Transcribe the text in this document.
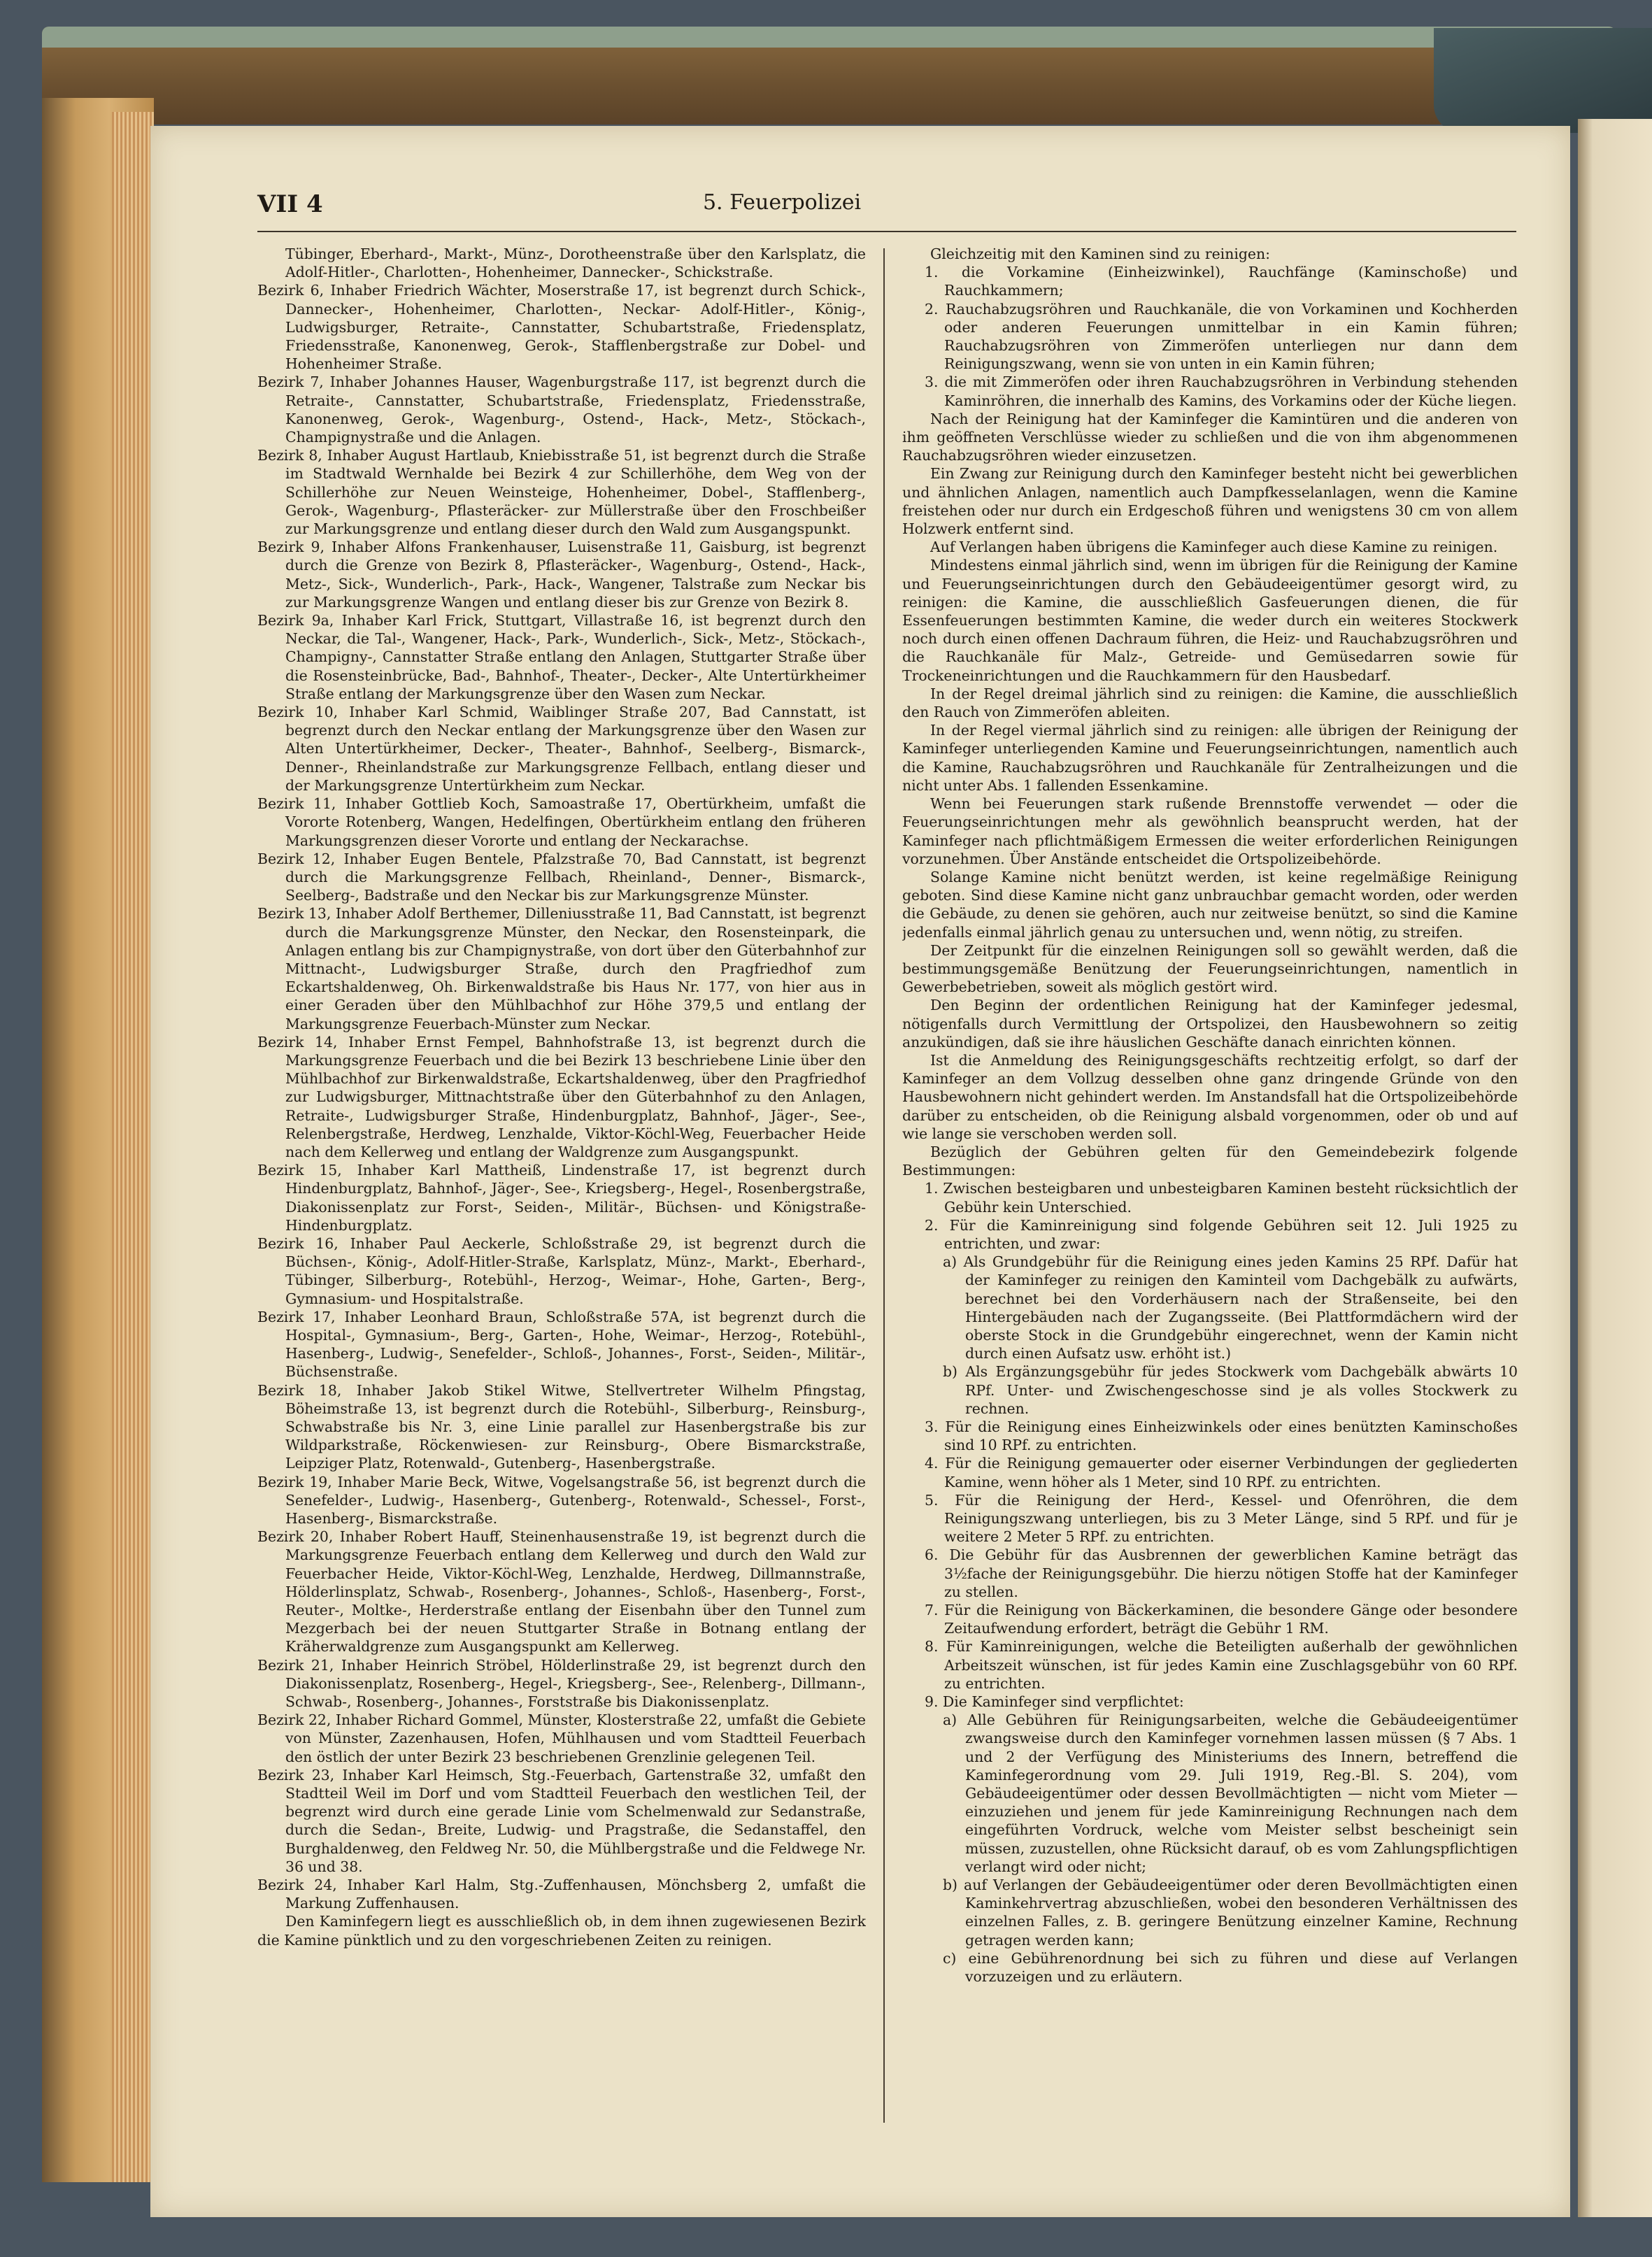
VII 4	5. Feuerpolizei

Tübinger, Eberhard-, Markt-, Münz-, Dorotheenstraße über den Karlsplatz, die Adolf-Hitler-, Charlotten-, Hohenheimer, Dannecker-, Schickstraße.

Bezirk 6, Inhaber Friedrich Wächter, Moserstraße 17, ist begrenzt durch Schick-, Dannecker-, Hohenheimer, Charlotten-, Neckar- Adolf-Hitler-, König-, Ludwigsburger, Retraite-, Cannstatter, Schubartstraße, Friedensplatz, Friedensstraße, Kanonenweg, Gerok-, Stafflenbergstraße zur Dobel- und Hohenheimer Straße.

Bezirk 7, Inhaber Johannes Hauser, Wagenburgstraße 117, ist begrenzt durch die Retraite-, Cannstatter, Schubartstraße, Friedensplatz, Friedensstraße, Kanonenweg, Gerok-, Wagenburg-, Ostend-, Hack-, Metz-, Stöckach-, Champignystraße und die Anlagen.

Bezirk 8, Inhaber August Hartlaub, Kniebisstraße 51, ist begrenzt durch die Straße im Stadtwald Wernhalde bei Bezirk 4 zur Schillerhöhe, dem Weg von der Schillerhöhe zur Neuen Weinsteige, Hohenheimer, Dobel-, Stafflenberg-, Gerok-, Wagenburg-, Pflasteräcker- zur Müllerstraße über den Froschbeißer zur Markungsgrenze und entlang dieser durch den Wald zum Ausgangspunkt.

Bezirk 9, Inhaber Alfons Frankenhauser, Luisenstraße 11, Gaisburg, ist begrenzt durch die Grenze von Bezirk 8, Pflasteräcker-, Wagenburg-, Ostend-, Hack-, Metz-, Sick-, Wunderlich-, Park-, Hack-, Wangener, Talstraße zum Neckar bis zur Markungsgrenze Wangen und entlang dieser bis zur Grenze von Bezirk 8.

Bezirk 9a, Inhaber Karl Frick, Stuttgart, Villastraße 16, ist begrenzt durch den Neckar, die Tal-, Wangener, Hack-, Park-, Wunderlich-, Sick-, Metz-, Stöckach-, Champigny-, Cannstatter Straße entlang den Anlagen, Stuttgarter Straße über die Rosensteinbrücke, Bad-, Bahnhof-, Theater-, Decker-, Alte Untertürkheimer Straße entlang der Markungsgrenze über den Wasen zum Neckar.

Bezirk 10, Inhaber Karl Schmid, Waiblinger Straße 207, Bad Cannstatt, ist begrenzt durch den Neckar entlang der Markungsgrenze über den Wasen zur Alten Untertürkheimer, Decker-, Theater-, Bahnhof-, Seelberg-, Bismarck-, Denner-, Rheinlandstraße zur Markungsgrenze Fellbach, entlang dieser und der Markungsgrenze Untertürkheim zum Neckar.

Bezirk 11, Inhaber Gottlieb Koch, Samoastraße 17, Obertürkheim, umfaßt die Vororte Rotenberg, Wangen, Hedelfingen, Obertürkheim entlang den früheren Markungsgrenzen dieser Vororte und entlang der Neckarachse.

Bezirk 12, Inhaber Eugen Bentele, Pfalzstraße 70, Bad Cannstatt, ist begrenzt durch die Markungsgrenze Fellbach, Rheinland-, Denner-, Bismarck-, Seelberg-, Badstraße und den Neckar bis zur Markungsgrenze Münster.

Bezirk 13, Inhaber Adolf Berthemer, Dilleniusstraße 11, Bad Cannstatt, ist begrenzt durch die Markungsgrenze Münster, den Neckar, den Rosensteinpark, die Anlagen entlang bis zur Champignystraße, von dort über den Güterbahnhof zur Mittnacht-, Ludwigsburger Straße, durch den Pragfriedhof zum Eckartshaldenweg, Oh. Birkenwaldstraße bis Haus Nr. 177, von hier aus in einer Geraden über den Mühlbachhof zur Höhe 379,5 und entlang der Markungsgrenze Feuerbach-Münster zum Neckar.

Bezirk 14, Inhaber Ernst Fempel, Bahnhofstraße 13, ist begrenzt durch die Markungsgrenze Feuerbach und die bei Bezirk 13 beschriebene Linie über den Mühlbachhof zur Birkenwaldstraße, Eckartshaldenweg, über den Pragfriedhof zur Ludwigsburger, Mittnachtstraße über den Güterbahnhof zu den Anlagen, Retraite-, Ludwigsburger Straße, Hindenburgplatz, Bahnhof-, Jäger-, See-, Relenbergstraße, Herdweg, Lenzhalde, Viktor-Köchl-Weg, Feuerbacher Heide nach dem Kellerweg und entlang der Waldgrenze zum Ausgangspunkt.

Bezirk 15, Inhaber Karl Mattheiß, Lindenstraße 17, ist begrenzt durch Hindenburgplatz, Bahnhof-, Jäger-, See-, Kriegsberg-, Hegel-, Rosenbergstraße, Diakonissenplatz zur Forst-, Seiden-, Militär-, Büchsen- und Königstraße-Hindenburgplatz.

Bezirk 16, Inhaber Paul Aeckerle, Schloßstraße 29, ist begrenzt durch die Büchsen-, König-, Adolf-Hitler-Straße, Karlsplatz, Münz-, Markt-, Eberhard-, Tübinger, Silberburg-, Rotebühl-, Herzog-, Weimar-, Hohe, Garten-, Berg-, Gymnasium- und Hospitalstraße.

Bezirk 17, Inhaber Leonhard Braun, Schloßstraße 57A, ist begrenzt durch die Hospital-, Gymnasium-, Berg-, Garten-, Hohe, Weimar-, Herzog-, Rotebühl-, Hasenberg-, Ludwig-, Senefelder-, Schloß-, Johannes-, Forst-, Seiden-, Militär-, Büchsenstraße.

Bezirk 18, Inhaber Jakob Stikel Witwe, Stellvertreter Wilhelm Pfingstag, Böheimstraße 13, ist begrenzt durch die Rotebühl-, Silberburg-, Reinsburg-, Schwabstraße bis Nr. 3, eine Linie parallel zur Hasenbergstraße bis zur Wildparkstraße, Röckenwiesen- zur Reinsburg-, Obere Bismarckstraße, Leipziger Platz, Rotenwald-, Gutenberg-, Hasenbergstraße.

Bezirk 19, Inhaber Marie Beck, Witwe, Vogelsangstraße 56, ist begrenzt durch die Senefelder-, Ludwig-, Hasenberg-, Gutenberg-, Rotenwald-, Schessel-, Forst-, Hasenberg-, Bismarckstraße.

Bezirk 20, Inhaber Robert Hauff, Steinenhausenstraße 19, ist begrenzt durch die Markungsgrenze Feuerbach entlang dem Kellerweg und durch den Wald zur Feuerbacher Heide, Viktor-Köchl-Weg, Lenzhalde, Herdweg, Dillmannstraße, Hölderlinsplatz, Schwab-, Rosenberg-, Johannes-, Schloß-, Hasenberg-, Forst-, Reuter-, Moltke-, Herderstraße entlang der Eisenbahn über den Tunnel zum Mezgerbach bei der neuen Stuttgarter Straße in Botnang entlang der Kräherwaldgrenze zum Ausgangspunkt am Kellerweg.

Bezirk 21, Inhaber Heinrich Ströbel, Hölderlinstraße 29, ist begrenzt durch den Diakonissenplatz, Rosenberg-, Hegel-, Kriegsberg-, See-, Relenberg-, Dillmann-, Schwab-, Rosenberg-, Johannes-, Forststraße bis Diakonissenplatz.

Bezirk 22, Inhaber Richard Gommel, Münster, Klosterstraße 22, umfaßt die Gebiete von Münster, Zazenhausen, Hofen, Mühlhausen und vom Stadtteil Feuerbach den östlich der unter Bezirk 23 beschriebenen Grenzlinie gelegenen Teil.

Bezirk 23, Inhaber Karl Heimsch, Stg.-Feuerbach, Gartenstraße 32, umfaßt den Stadtteil Weil im Dorf und vom Stadtteil Feuerbach den westlichen Teil, der begrenzt wird durch eine gerade Linie vom Schelmenwald zur Sedanstraße, durch die Sedan-, Breite, Ludwig- und Pragstraße, die Sedanstaffel, den Burghaldenweg, den Feldweg Nr. 50, die Mühlbergstraße und die Feldwege Nr. 36 und 38.

Bezirk 24, Inhaber Karl Halm, Stg.-Zuffenhausen, Mönchsberg 2, umfaßt die Markung Zuffenhausen.

Den Kaminfegern liegt es ausschließlich ob, in dem ihnen zugewiesenen Bezirk die Kamine pünktlich und zu den vorgeschriebenen Zeiten zu reinigen.

Gleichzeitig mit den Kaminen sind zu reinigen:

1. die Vorkamine (Einheizwinkel), Rauchfänge (Kaminschoße) und Rauchkammern;

2. Rauchabzugsröhren und Rauchkanäle, die von Vorkaminen und Kochherden oder anderen Feuerungen unmittelbar in ein Kamin führen; Rauchabzugsröhren von Zimmeröfen unterliegen nur dann dem Reinigungszwang, wenn sie von unten in ein Kamin führen;

3. die mit Zimmeröfen oder ihren Rauchabzugsröhren in Verbindung stehenden Kaminröhren, die innerhalb des Kamins, des Vorkamins oder der Küche liegen.

Nach der Reinigung hat der Kaminfeger die Kamintüren und die anderen von ihm geöffneten Verschlüsse wieder zu schließen und die von ihm abgenommenen Rauchabzugsröhren wieder einzusetzen.

Ein Zwang zur Reinigung durch den Kaminfeger besteht nicht bei gewerblichen und ähnlichen Anlagen, namentlich auch Dampfkesselanlagen, wenn die Kamine freistehen oder nur durch ein Erdgeschoß führen und wenigstens 30 cm von allem Holzwerk entfernt sind.

Auf Verlangen haben übrigens die Kaminfeger auch diese Kamine zu reinigen.

Mindestens einmal jährlich sind, wenn im übrigen für die Reinigung der Kamine und Feuerungseinrichtungen durch den Gebäudeeigentümer gesorgt wird, zu reinigen: die Kamine, die ausschließlich Gasfeuerungen dienen, die für Essenfeuerungen bestimmten Kamine, die weder durch ein weiteres Stockwerk noch durch einen offenen Dachraum führen, die Heiz- und Rauchabzugsröhren und die Rauchkanäle für Malz-, Getreide- und Gemüsedarren sowie für Trockeneinrichtungen und die Rauchkammern für den Hausbedarf.

In der Regel dreimal jährlich sind zu reinigen: die Kamine, die ausschließlich den Rauch von Zimmeröfen ableiten.

In der Regel viermal jährlich sind zu reinigen: alle übrigen der Reinigung der Kaminfeger unterliegenden Kamine und Feuerungseinrichtungen, namentlich auch die Kamine, Rauchabzugsröhren und Rauchkanäle für Zentralheizungen und die nicht unter Abs. 1 fallenden Essenkamine.

Wenn bei Feuerungen stark rußende Brennstoffe verwendet — oder die Feuerungseinrichtungen mehr als gewöhnlich beansprucht werden, hat der Kaminfeger nach pflichtmäßigem Ermessen die weiter erforderlichen Reinigungen vorzunehmen. Über Anstände entscheidet die Ortspolizeibehörde.

Solange Kamine nicht benützt werden, ist keine regelmäßige Reinigung geboten. Sind diese Kamine nicht ganz unbrauchbar gemacht worden, oder werden die Gebäude, zu denen sie gehören, auch nur zeitweise benützt, so sind die Kamine jedenfalls einmal jährlich genau zu untersuchen und, wenn nötig, zu streifen.

Der Zeitpunkt für die einzelnen Reinigungen soll so gewählt werden, daß die bestimmungsgemäße Benützung der Feuerungseinrichtungen, namentlich in Gewerbebetrieben, soweit als möglich gestört wird.

Den Beginn der ordentlichen Reinigung hat der Kaminfeger jedesmal, nötigenfalls durch Vermittlung der Ortspolizei, den Hausbewohnern so zeitig anzukündigen, daß sie ihre häuslichen Geschäfte danach einrichten können.

Ist die Anmeldung des Reinigungsgeschäfts rechtzeitig erfolgt, so darf der Kaminfeger an dem Vollzug desselben ohne ganz dringende Gründe von den Hausbewohnern nicht gehindert werden. Im Anstandsfall hat die Ortspolizeibehörde darüber zu entscheiden, ob die Reinigung alsbald vorgenommen, oder ob und auf wie lange sie verschoben werden soll.

Bezüglich der Gebühren gelten für den Gemeindebezirk folgende Bestimmungen:

1. Zwischen besteigbaren und unbesteigbaren Kaminen besteht rücksichtlich der Gebühr kein Unterschied.

2. Für die Kaminreinigung sind folgende Gebühren seit 12. Juli 1925 zu entrichten, und zwar:

a) Als Grundgebühr für die Reinigung eines jeden Kamins 25 RPf. Dafür hat der Kaminfeger zu reinigen den Kaminteil vom Dachgebälk zu aufwärts, berechnet bei den Vorderhäusern nach der Straßenseite, bei den Hintergebäuden nach der Zugangsseite. (Bei Plattformdächern wird der oberste Stock in die Grundgebühr eingerechnet, wenn der Kamin nicht durch einen Aufsatz usw. erhöht ist.)

b) Als Ergänzungsgebühr für jedes Stockwerk vom Dachgebälk abwärts 10 RPf. Unter- und Zwischengeschosse sind je als volles Stockwerk zu rechnen.

3. Für die Reinigung eines Einheizwinkels oder eines benützten Kaminschoßes sind 10 RPf. zu entrichten.

4. Für die Reinigung gemauerter oder eiserner Verbindungen der gegliederten Kamine, wenn höher als 1 Meter, sind 10 RPf. zu entrichten.

5. Für die Reinigung der Herd-, Kessel- und Ofenröhren, die dem Reinigungszwang unterliegen, bis zu 3 Meter Länge, sind 5 RPf. und für je weitere 2 Meter 5 RPf. zu entrichten.

6. Die Gebühr für das Ausbrennen der gewerblichen Kamine beträgt das 3½fache der Reinigungsgebühr. Die hierzu nötigen Stoffe hat der Kaminfeger zu stellen.

7. Für die Reinigung von Bäckerkaminen, die besondere Gänge oder besondere Zeitaufwendung erfordert, beträgt die Gebühr 1 RM.

8. Für Kaminreinigungen, welche die Beteiligten außerhalb der gewöhnlichen Arbeitszeit wünschen, ist für jedes Kamin eine Zuschlagsgebühr von 60 RPf. zu entrichten.

9. Die Kaminfeger sind verpflichtet:

a) Alle Gebühren für Reinigungsarbeiten, welche die Gebäudeeigentümer zwangsweise durch den Kaminfeger vornehmen lassen müssen (§ 7 Abs. 1 und 2 der Verfügung des Ministeriums des Innern, betreffend die Kaminfegerordnung vom 29. Juli 1919, Reg.-Bl. S. 204), vom Gebäudeeigentümer oder dessen Bevollmächtigten — nicht vom Mieter — einzuziehen und jenem für jede Kaminreinigung Rechnungen nach dem eingeführten Vordruck, welche vom Meister selbst bescheinigt sein müssen, zuzustellen, ohne Rücksicht darauf, ob es vom Zahlungspflichtigen verlangt wird oder nicht;

b) auf Verlangen der Gebäudeeigentümer oder deren Bevollmächtigten einen Kaminkehrvertrag abzuschließen, wobei den besonderen Verhältnissen des einzelnen Falles, z. B. geringere Benützung einzelner Kamine, Rechnung getragen werden kann;

c) eine Gebührenordnung bei sich zu führen und diese auf Verlangen vorzuzeigen und zu erläutern.
